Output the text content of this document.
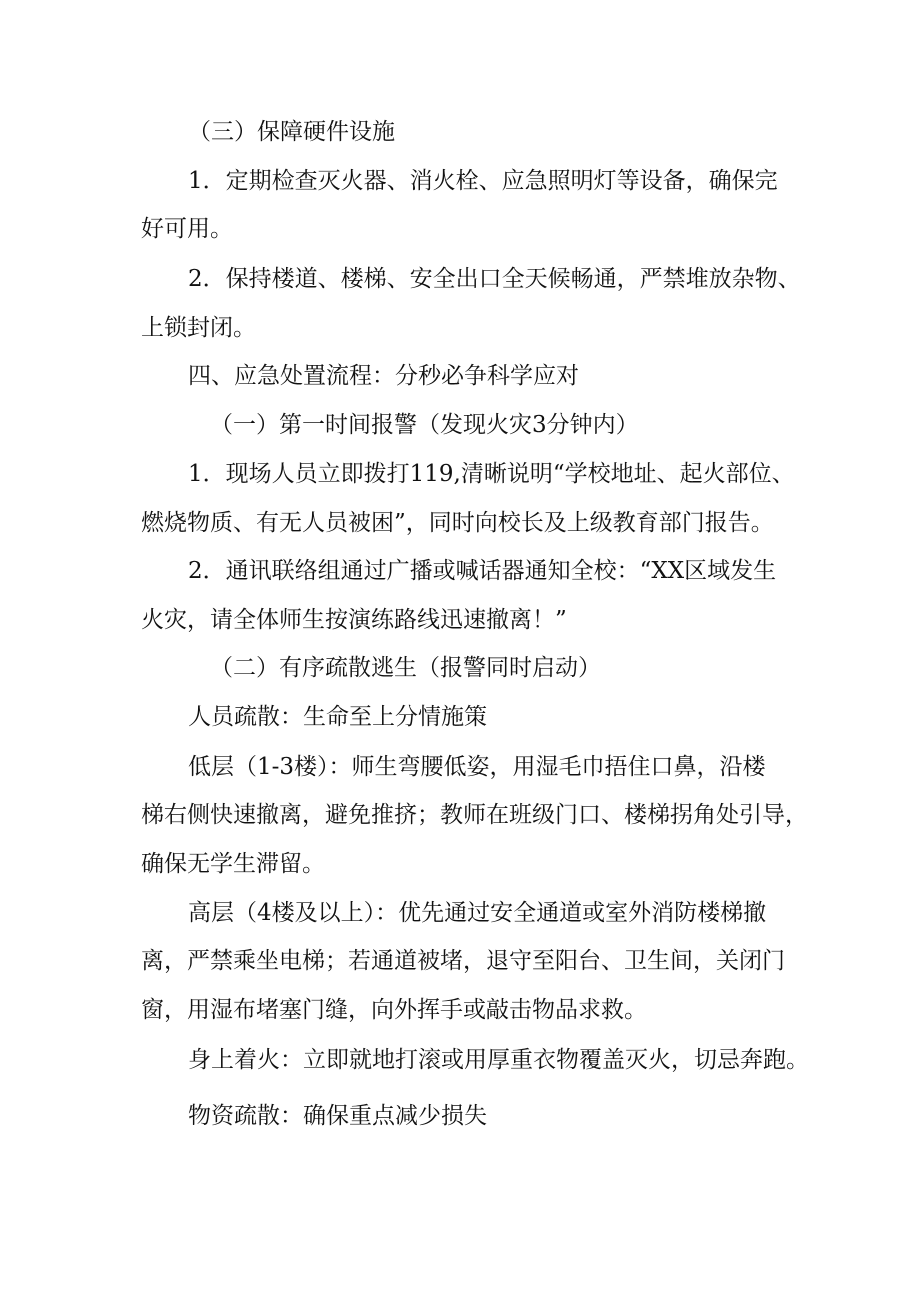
（三）保障硬件设施

1．定期检查灭火器、消火栓、应急照明灯等设备，确保完

好可用。

2．保持楼道、楼梯、安全出口全天候畅通，严禁堆放杂物、

上锁封闭。

四、应急处置流程：分秒必争科学应对

（一）第一时间报警（发现火灾3分钟内）

1．现场人员立即拨打119,清晰说明“学校地址、起火部位、

燃烧物质、有无人员被困”，同时向校长及上级教育部门报告。

2．通讯联络组通过广播或喊话器通知全校：“XX区域发生

火灾，请全体师生按演练路线迅速撤离！”

（二）有序疏散逃生（报警同时启动）

人员疏散：生命至上分情施策

低层（1-3楼）：师生弯腰低姿，用湿毛巾捂住口鼻，沿楼

梯右侧快速撤离，避免推挤；教师在班级门口、楼梯拐角处引导，

确保无学生滞留。

高层（4楼及以上）：优先通过安全通道或室外消防楼梯撤

离，严禁乘坐电梯；若通道被堵，退守至阳台、卫生间，关闭门

窗，用湿布堵塞门缝，向外挥手或敲击物品求救。

身上着火：立即就地打滚或用厚重衣物覆盖灭火，切忌奔跑。

物资疏散：确保重点减少损失
